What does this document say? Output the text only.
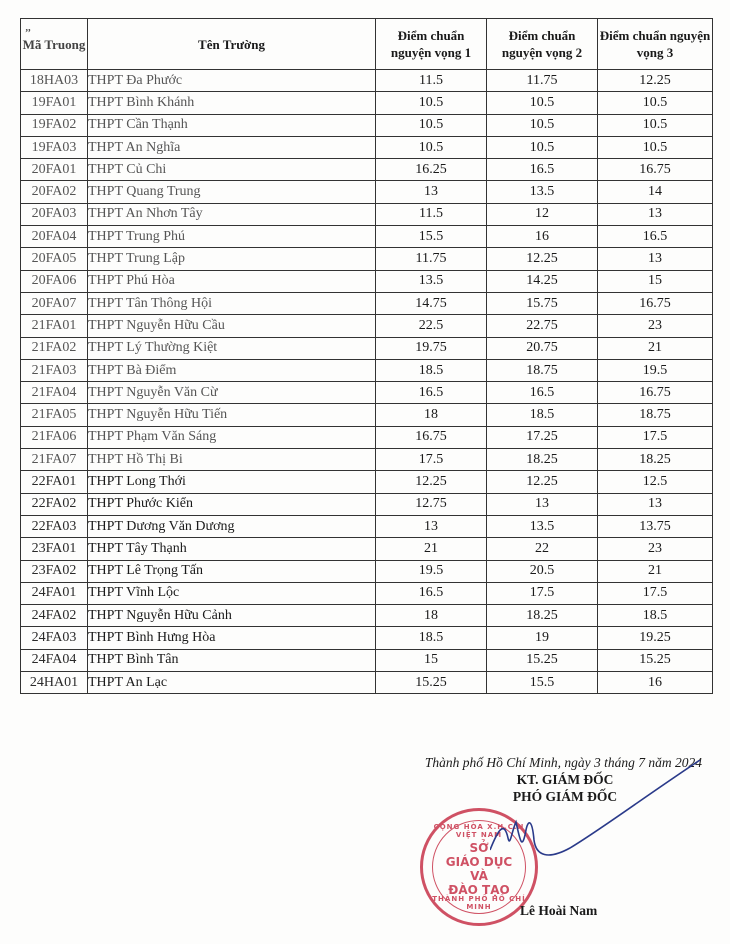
’’
Mã Truong	Tên Trường	Điểm chuẩn nguyện vọng 1	Điểm chuẩn nguyện vọng 2	Điểm chuẩn nguyện vọng 3
18HA03	THPT Đa Phước	11.5	11.75	12.25
19FA01	THPT Bình Khánh	10.5	10.5	10.5
19FA02	THPT Cần Thạnh	10.5	10.5	10.5
19FA03	THPT An Nghĩa	10.5	10.5	10.5
20FA01	THPT Củ Chi	16.25	16.5	16.75
20FA02	THPT Quang Trung	13	13.5	14
20FA03	THPT An Nhơn Tây	11.5	12	13
20FA04	THPT Trung Phú	15.5	16	16.5
20FA05	THPT Trung Lập	11.75	12.25	13
20FA06	THPT Phú Hòa	13.5	14.25	15
20FA07	THPT Tân Thông Hội	14.75	15.75	16.75
21FA01	THPT Nguyễn Hữu Cầu	22.5	22.75	23
21FA02	THPT Lý Thường Kiệt	19.75	20.75	21
21FA03	THPT Bà Điểm	18.5	18.75	19.5
21FA04	THPT Nguyễn Văn Cừ	16.5	16.5	16.75
21FA05	THPT Nguyễn Hữu Tiến	18	18.5	18.75
21FA06	THPT Phạm Văn Sáng	16.75	17.25	17.5
21FA07	THPT Hồ Thị Bi	17.5	18.25	18.25
22FA01	THPT Long Thới	12.25	12.25	12.5
22FA02	THPT Phước Kiển	12.75	13	13
22FA03	THPT Dương Văn Dương	13	13.5	13.75
23FA01	THPT Tây Thạnh	21	22	23
23FA02	THPT Lê Trọng Tấn	19.5	20.5	21
24FA01	THPT Vĩnh Lộc	16.5	17.5	17.5
24FA02	THPT Nguyễn Hữu Cảnh	18	18.25	18.5
24FA03	THPT Bình Hưng Hòa	18.5	19	19.25
24FA04	THPT Bình Tân	15	15.25	15.25
24HA01	THPT An Lạc	15.25	15.5	16
Thành phố Hồ Chí Minh, ngày 3 tháng 7 năm 2024
KT. GIÁM ĐỐC
PHÓ GIÁM ĐỐC
CỘNG HÒA X.H.C.N VIỆT NAM
SỞ
GIÁO DỤC
VÀ
ĐÀO TẠO
THÀNH PHỐ HỒ CHÍ MINH	Lê Hoài Nam
